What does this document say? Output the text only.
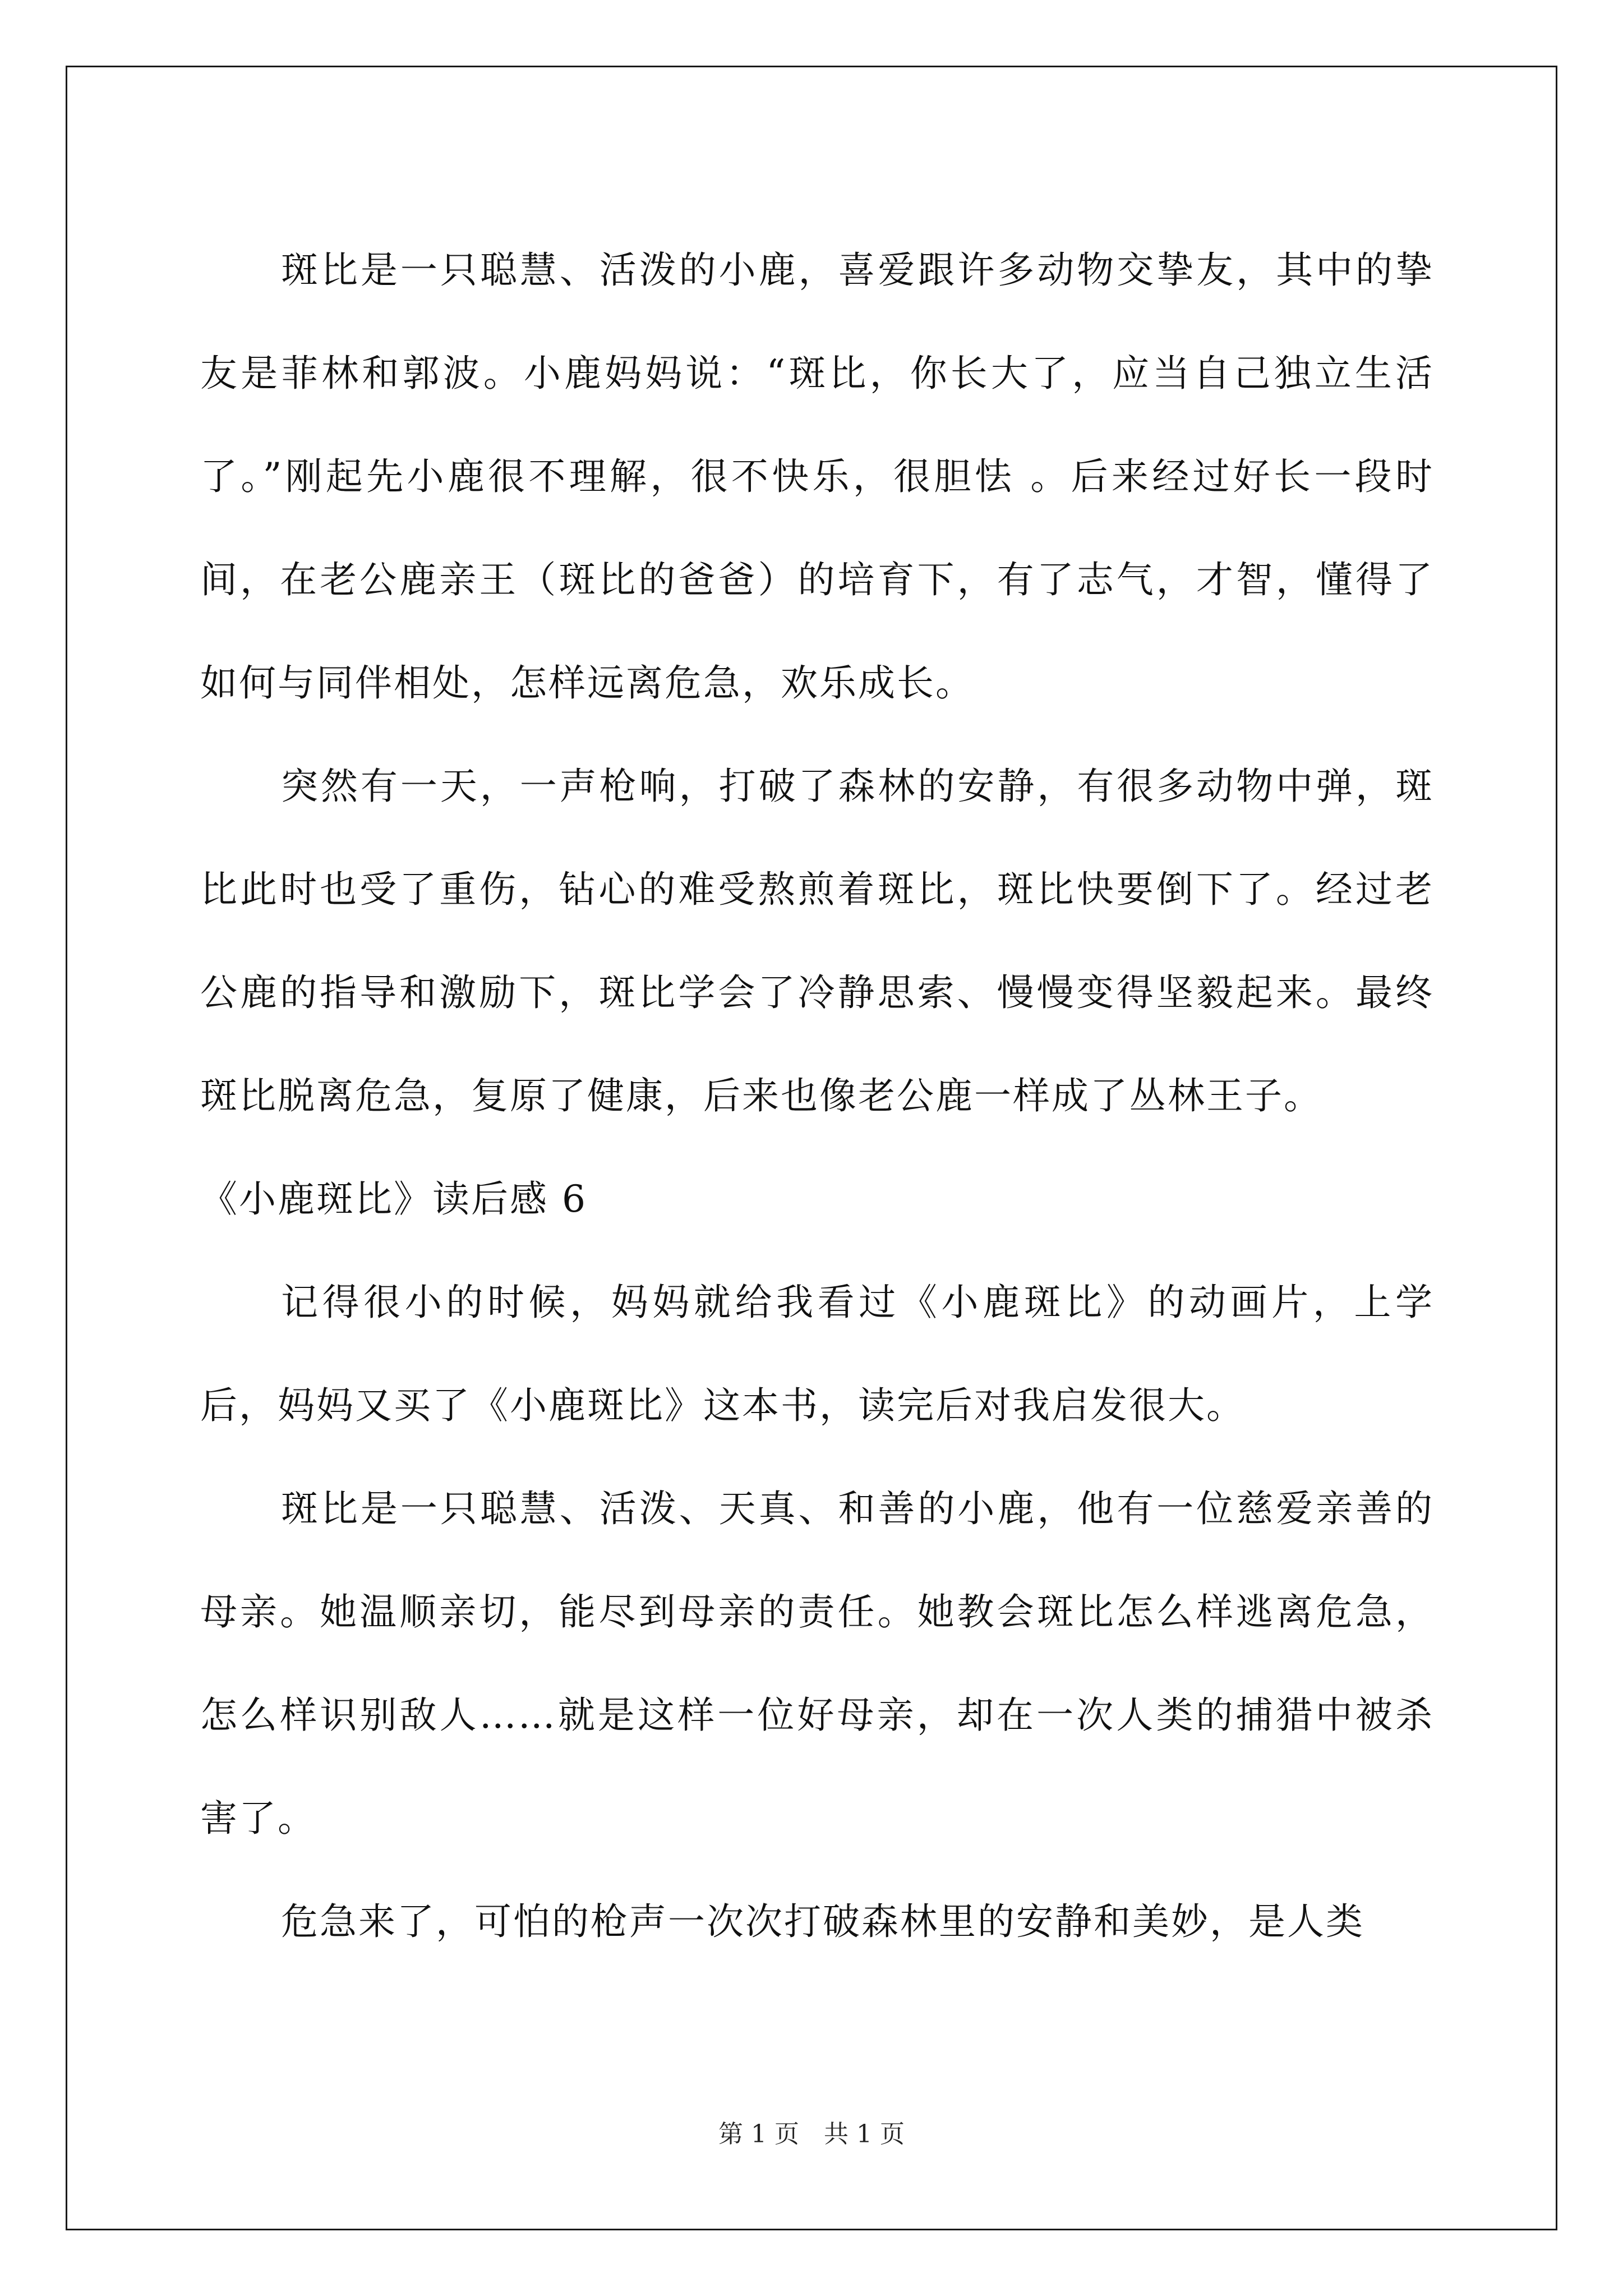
斑比是一只聪慧、活泼的小鹿，喜爱跟许多动物交挚友，其中的挚友是菲林和郭波。小鹿妈妈说：“斑比，你长大了，应当自己独立生活了。”刚起先小鹿很不理解，很不快乐，很胆怯 。后来经过好长一段时间，在老公鹿亲王（斑比的爸爸）的培育下，有了志气，才智，懂得了如何与同伴相处，怎样远离危急，欢乐成长。

突然有一天，一声枪响，打破了森林的安静，有很多动物中弹，斑比此时也受了重伤，钻心的难受熬煎着斑比，斑比快要倒下了。经过老公鹿的指导和激励下，斑比学会了冷静思索、慢慢变得坚毅起来。最终斑比脱离危急，复原了健康，后来也像老公鹿一样成了丛林王子。

《小鹿斑比》读后感 6

记得很小的时候，妈妈就给我看过《小鹿斑比》的动画片，上学后，妈妈又买了《小鹿斑比》这本书，读完后对我启发很大。

斑比是一只聪慧、活泼、天真、和善的小鹿，他有一位慈爱亲善的母亲。她温顺亲切，能尽到母亲的责任。她教会斑比怎么样逃离危急，怎么样识别敌人……就是这样一位好母亲，却在一次人类的捕猎中被杀害了。

危急来了，可怕的枪声一次次打破森林里的安静和美妙，是人类

第 1 页　共 1 页
